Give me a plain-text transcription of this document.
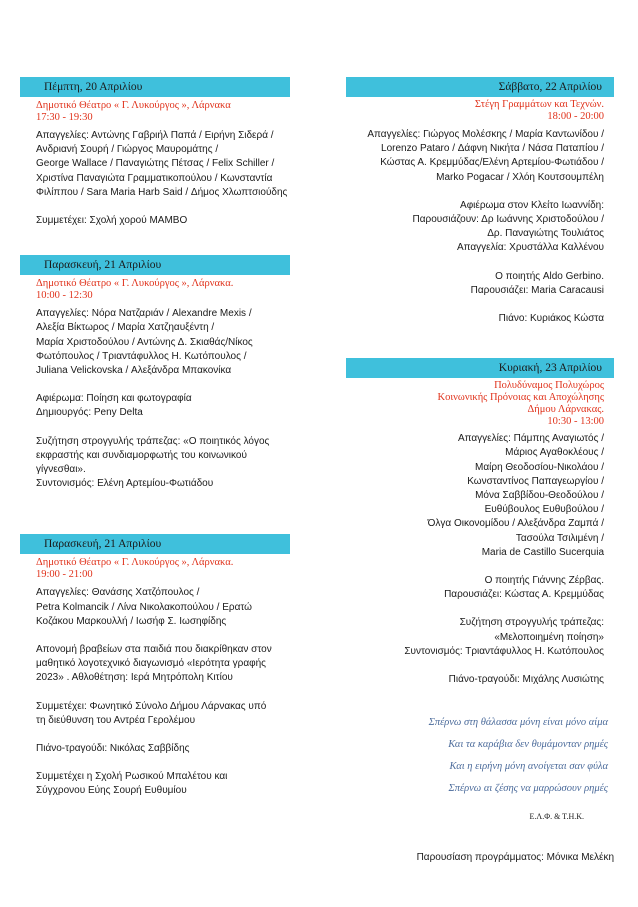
Πέμπτη, 20 Απριλίου
Δημοτικό Θέατρο « Γ. Λυκούργος », Λάρνακα
17:30 - 19:30
Απαγγελίες: Αντώνης Γαβριήλ Παπά / Ειρήνη Σιδερά /
Ανδριανή Σουρή / Γιώργος Μαυρομάτης /
George Wallace / Παναγιώτης Πέτσας / Felix Schiller /
Χριστίνα Παναγιώτα Γραμματικοπούλου / Κωνσταντία
Φιλίππου / Sara Maria Harb Said / Δήμος Χλωπτσιούδης
Συμμετέχει: Σχολή χορού MAMBO
Παρασκευή, 21 Απριλίου
Δημοτικό Θέατρο « Γ. Λυκούργος », Λάρνακα.
10:00 - 12:30
Απαγγελίες: Νόρα Νατζαριάν / Alexandre Mexis /
Αλεξία Βίκτωρος / Μαρία Χατζηαυξέντη /
Μαρία Χριστοδούλου / Αντώνης Δ. Σκιαθάς/Νίκος
Φωτόπουλος / Τριαντάφυλλος Η. Κωτόπουλος /
Juliana Velickovska / Αλεξάνδρα Μπακονίκα
Αφιέρωμα: Ποίηση και φωτογραφία
Δημιουργός: Peny Delta
Συζήτηση στρογγυλής τράπεζας: «Ο ποιητικός λόγος
εκφραστής και συνδιαμορφωτής του κοινωνικού
γίγνεσθαι».
Συντονισμός: Ελένη Αρτεμίου-Φωτιάδου
Παρασκευή, 21 Απριλίου
Δημοτικό Θέατρο « Γ. Λυκούργος », Λάρνακα.
19:00 - 21:00
Απαγγελίες: Θανάσης Χατζόπουλος /
Petra Kolmancik / Λίνα Νικολακοπούλου / Ερατώ
Κοζάκου Μαρκουλλή / Ιωσήφ Σ. Ιωσηφίδης
Απονομή βραβείων στα παιδιά που διακρίθηκαν στον
μαθητικό λογοτεχνικό διαγωνισμό «Ιερότητα γραφής
2023» . Αθλοθέτηση: Ιερά Μητρόπολη Κιτίου
Συμμετέχει: Φωνητικό Σύνολο Δήμου Λάρνακας υπό
τη διεύθυνση του Αντρέα Γερολέμου
Πιάνο-τραγούδι: Νικόλας Σαββίδης
Συμμετέχει η Σχολή Ρωσικού Μπαλέτου και
Σύγχρονου Εύης Σουρή Ευθυμίου
Σάββατο, 22 Απριλίου
Στέγη Γραμμάτων και Τεχνών.
18:00 - 20:00
Απαγγελίες: Γιώργος Μολέσκης / Μαρία Καντωνίδου /
Lorenzo Pataro / Δάφνη Νικήτα / Νάσα Παταπίου /
Κώστας Α. Κρεμμύδας/Ελένη Αρτεμίου-Φωτιάδου /
Marko Pogacar / Χλόη Κουτσουμπέλη
Αφιέρωμα στον Κλείτο Ιωαννίδη:
Παρουσιάζουν: Δρ Ιωάννης Χριστοδούλου /
Δρ. Παναγιώτης Τουλιάτος
Απαγγελία: Χρυστάλλα Καλλένου
Ο ποιητής Aldo Gerbino.
Παρουσιάζει: Maria Caracausi
Πιάνο: Κυριάκος Κώστα
Κυριακή, 23 Απριλίου
Πολυδύναμος Πολυχώρος
Κοινωνικής Πρόνοιας και Αποχώλησης
Δήμου Λάρνακας.
10:30 - 13:00
Απαγγελίες: Πάμπης Αναγιωτός /
Μάριος Αγαθοκλέους /
Μαίρη Θεοδοσίου-Νικολάου /
Κωνσταντίνος Παπαγεωργίου /
Μόνα Σαββίδου-Θεοδούλου /
Ευθύβουλος Ευθυβούλου /
Όλγα Οικονομίδου / Αλεξάνδρα Ζαμπά /
Τασούλα Τσιλιμένη /
Maria de Castillo Sucerquia
Ο ποιητής Γιάννης Ζέρβας.
Παρουσιάζει: Κώστας Α. Κρεμμύδας
Συζήτηση στρογγυλής τράπεζας:
«Μελοποιημένη ποίηση»
Συντονισμός: Τριαντάφυλλος Η. Κωτόπουλος
Πιάνο-τραγούδι: Μιχάλης Λυσιώτης
Σπέρνω στη θάλασσα μόνη είναι μόνο αίμα
Και τα καράβια δεν θυμάμονταν ρημές
Και η ειρήνη μόνη ανοίγεται σαν φύλα
Σπέρνω αι ζέσης να μαρρώσουν ρημές
Ε.Λ.Φ. & Τ.Η.Κ.
Παρουσίαση προγράμματος: Μόνικα Μελέκη
